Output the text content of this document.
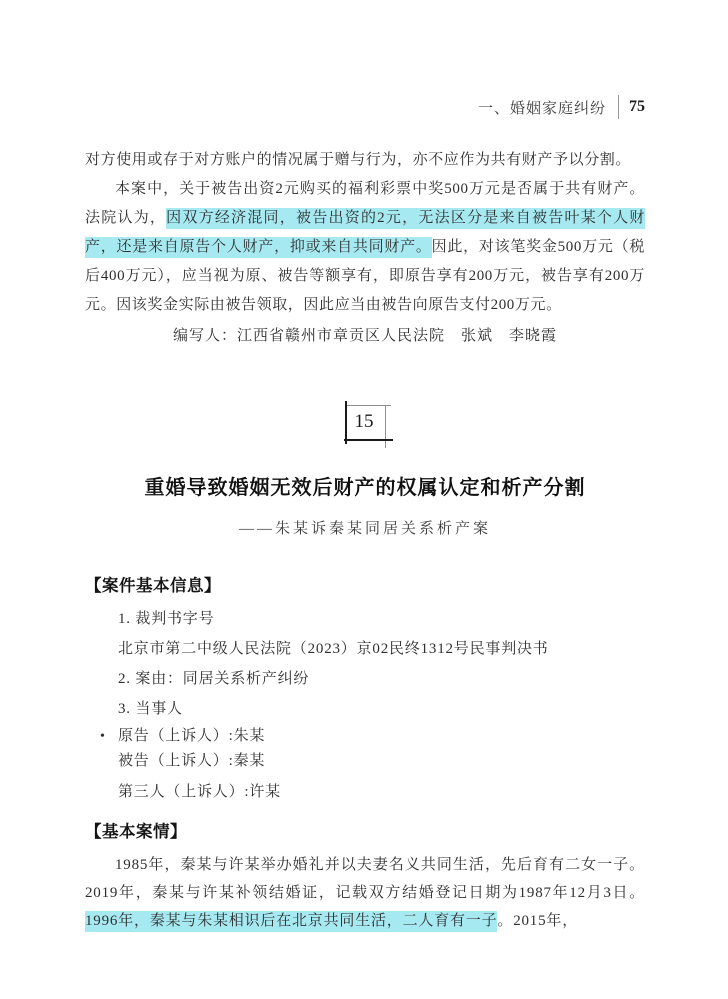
一、婚姻家庭纠纷 75

对方使用或存于对方账户的情况属于赠与行为，亦不应作为共有财产予以分割。

本案中，关于被告出资2元购买的福利彩票中奖500万元是否属于共有财产。法院认为，因双方经济混同，被告出资的2元，无法区分是来自被告叶某个人财产，还是来自原告个人财产，抑或来自共同财产。因此，对该笔奖金500万元（税后400万元），应当视为原、被告等额享有，即原告享有200万元，被告享有200万元。因该奖金实际由被告领取，因此应当由被告向原告支付200万元。

编写人：江西省赣州市章贡区人民法院　张斌　李晓霞

15
重婚导致婚姻无效后财产的权属认定和析产分割
——朱某诉秦某同居关系析产案
【案件基本信息】
1. 裁判书字号
北京市第二中级人民法院（2023）京02民终1312号民事判决书
2. 案由：同居关系析产纠纷
3. 当事人
• 原告（上诉人）:朱某
被告（上诉人）:秦某
第三人（上诉人）:许某
【基本案情】

1985年，秦某与许某举办婚礼并以夫妻名义共同生活，先后育有二女一子。2019年，秦某与许某补领结婚证，记载双方结婚登记日期为1987年12月3日。1996年，秦某与朱某相识后在北京共同生活，二人育有一子。2015年，
